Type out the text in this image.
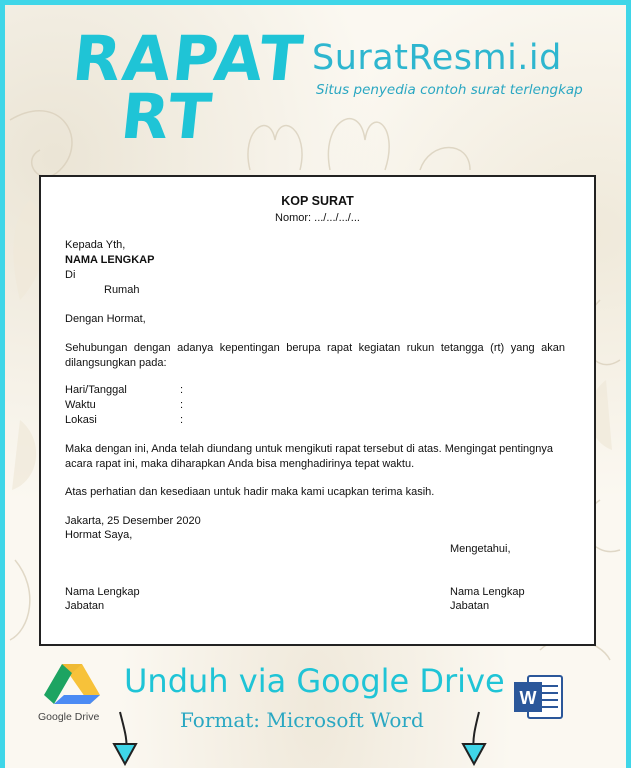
RAPAT
RT
SuratResmi.id
Situs penyedia contoh surat terlengkap
KOP SURAT
Nomor: .../.../.../...
Kepada Yth,
NAMA LENGKAP
Di
Rumah
Dengan Hormat,
Sehubungan dengan adanya kepentingan berupa rapat kegiatan rukun tetangga (rt) yang akan dilangsungkan pada:
Hari/Tanggal	:
Waktu	:
Lokasi	:
Maka dengan ini, Anda telah diundang untuk mengikuti rapat tersebut di atas. Mengingat pentingnya
acara rapat ini, maka diharapkan Anda bisa menghadirinya tepat waktu.
Atas perhatian dan kesediaan untuk hadir maka kami ucapkan terima kasih.
Jakarta, 25 Desember 2020
Hormat Saya,
Mengetahui,
Nama Lengkap
Jabatan
Nama Lengkap
Jabatan
Google Drive
Unduh via Google Drive
Format: Microsoft Word
W
